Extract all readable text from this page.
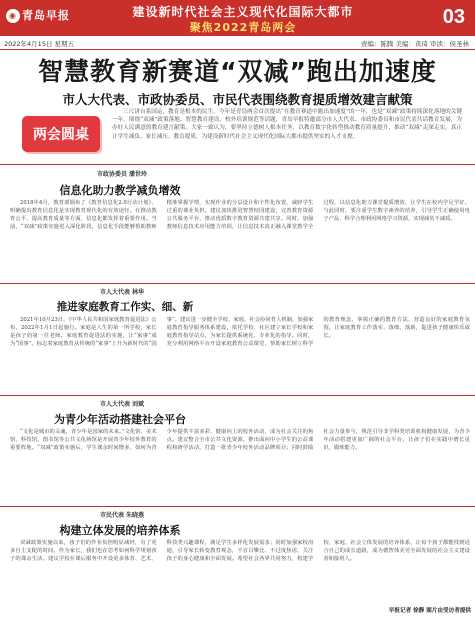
◉ 青岛早报	建设新时代社会主义现代化国际大都市
聚焦2022青岛两会	03
2022年4月15日 星期五	责编：陈腾 美编：黄琦 审读：侯圣林
智慧教育新赛道“双减”跑出加速度
市人大代表、市政协委员、市民代表围绕教育提质增效建言献策
两会圆桌
三尺讲台系国运，教育是根本的民生。今年是青岛两会首次提出“在教育赛道中跑出加速度”的一年，也是“双减”政策持续深化落地的关键一年。围绕“双减”政策落地、智慧教育建设、校外培训规范等话题，青岛早报特邀部分市人大代表、市政协委员和市民代表共话教育发展，为办好人民满意的教育建言献策。大家一致认为，要坚持立德树人根本任务，以教育数字化转型推动教育质量提升，推动“双减”走深走实，真正让学生减负、家长减压、教育提质，为建设新时代社会主义现代化国际大都市提供坚实的人才支撑。
市政协委员 潘世玲
信息化助力教学减负增效
2018年4月，教育部颁布了《教育信息化2.0行动计划》，明确提出教育信息化是实现教育现代化的有效途径。在推动教育公平、提高教育质量等方面，信息化都发挥着重要作用。当前，“双减”政策实施进入深化阶段，信息化手段能够帮助教师精准掌握学情，实现作业的分层设计和个性化布置，减轻学生过重的课业负担。建议加快推进智慧校园建设，完善教育资源公共服务平台，推动优质数字教育资源共建共享。同时，加强教师信息技术应用能力培训，让信息技术真正融入课堂教学全过程，以信息化助力课堂提质增效，让学生在校内学足学好。与此同时，要注重学生数字素养的培养，引导学生正确使用电子产品，科学合理利用网络学习资源，实现减负不减质。
市人大代表 林华
推进家庭教育工作实、细、新
2021年10月23日，《中华人民共和国家庭教育促进法》公布，2022年1月1日起施行。家庭是人生的第一所学校，家长是孩子的第一任老师。家庭教育促进法的实施，让“家事”成为“国事”，标志着家庭教育从传统的“家事”上升为新时代的“国事”。建议进一步健全学校、家庭、社会协同育人机制，加强家庭教育指导服务体系建设，依托学校、社区建立家长学校和家庭教育指导站点，为家长提供系统化、专业化的指导。同时，充分利用网络平台开设家庭教育公益课堂，帮助家长树立科学的教育理念，掌握正确的教育方法，营造良好的家庭教育氛围，让家庭教育工作落实、落细、落新，促进孩子健康快乐成长。
市人大代表 刘斌
为青少年活动搭建社会平台
“文化是城市的灵魂，青少年是国家的未来。”文化馆、美术馆、科技馆、图书馆等公共文化场馆是开展青少年校外教育的重要阵地。“双减”政策实施后，学生课余时间增多，如何为青少年提供丰富多彩、健康向上的校外活动，成为社会关注的焦点。建议整合全市公共文化资源，推出面向中小学生的公益课程和研学活动，打造一批青少年校外活动品牌项目；同时鼓励社会力量参与，规范引导非学科类培训机构健康发展，为青少年活动搭建更加广阔的社会平台，让孩子们在实践中增长见识、锻炼能力。
市民代表 朱晓燕
构建立体发展的培养体系
双减政策实施以来，孩子们的作业负担明显减轻，有了更多自主支配的时间。作为家长，我们也在思考如何科学规划孩子的课余生活。建议学校在课后服务中开设更多体育、艺术、科技类兴趣课程，满足学生多样化发展需求；同时加强家校沟通，引导家长转变教育观念，不盲目攀比、不过度焦虑，关注孩子的身心健康和全面发展。希望社会各界共同努力，构建学校、家庭、社会立体发展的培养体系，让每个孩子都能找到适合自己的成长道路，成为德智体美劳全面发展的社会主义建设者和接班人。
早报记者 徐静 图片由受访者提供
